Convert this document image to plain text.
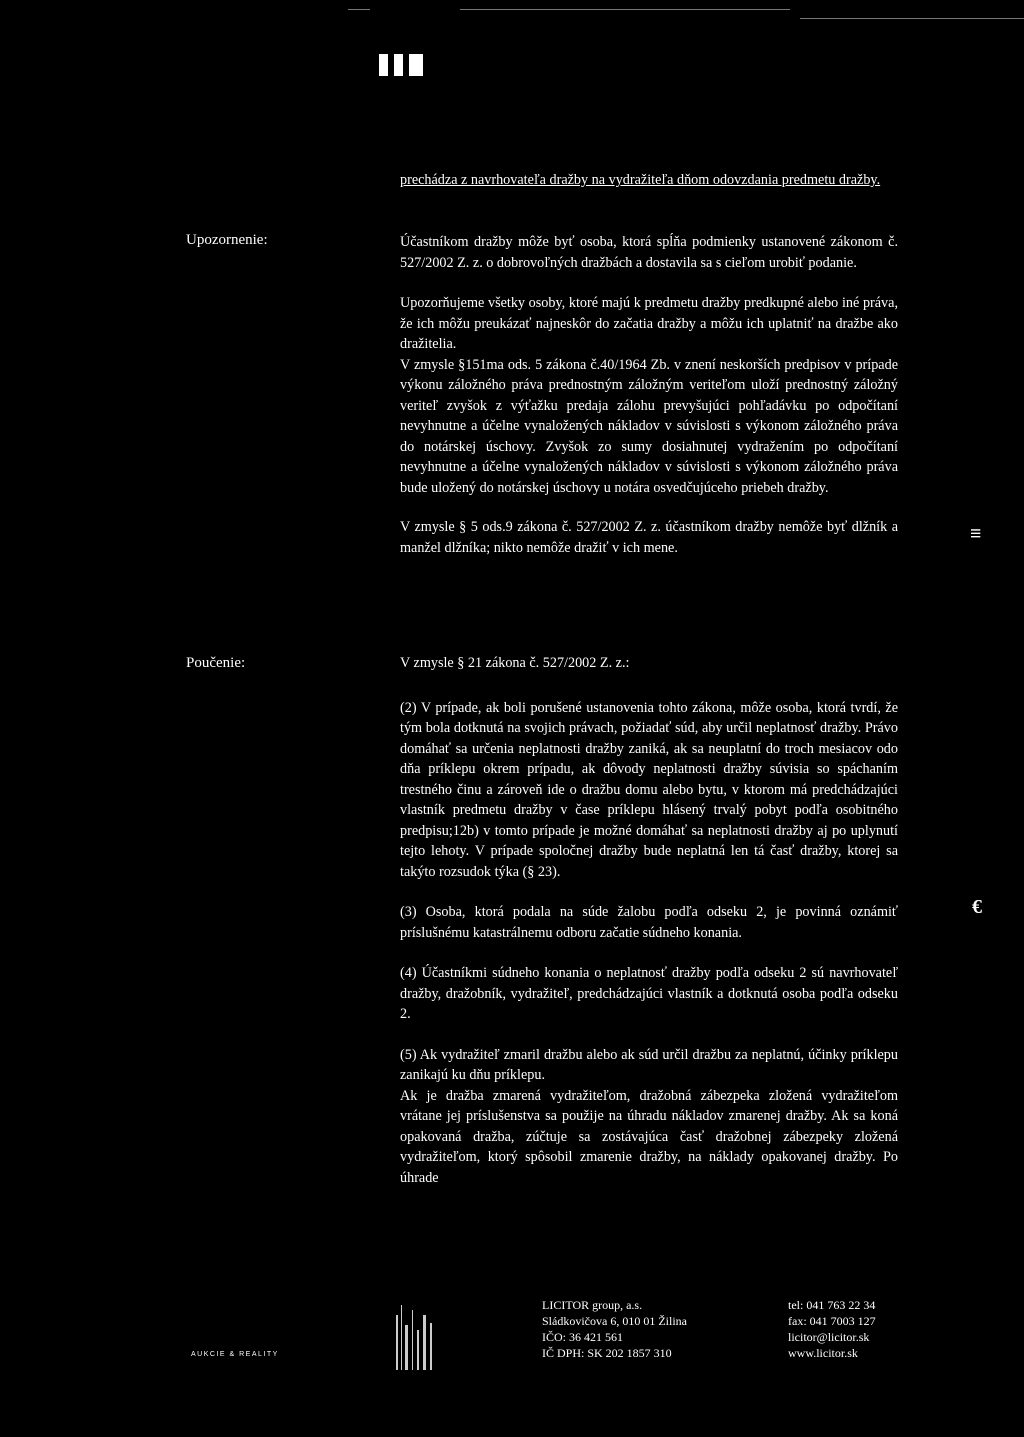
prechádza z navrhovateľa dražby na vydražiteľa dňom odovzdania predmetu dražby.

Upozornenie:	Účastníkom dražby môže byť osoba, ktorá spĺňa podmienky ustanovené zákonom č. 527/2002 Z. z. o dobrovoľných dražbách a dostavila sa s cieľom urobiť podanie.

Upozorňujeme všetky osoby, ktoré majú k predmetu dražby predkupné alebo iné práva, že ich môžu preukázať najneskôr do začatia dražby a môžu ich uplatniť na dražbe ako dražitelia.

V zmysle §151ma ods. 5 zákona č.40/1964 Zb. v znení neskorších predpisov v prípade výkonu záložného práva prednostným záložným veriteľom uloží prednostný záložný veriteľ zvyšok z výťažku predaja zálohu prevyšujúci pohľadávku po odpočítaní nevyhnutne a účelne vynaložených nákladov v súvislosti s výkonom záložného práva do notárskej úschovy. Zvyšok zo sumy dosiahnutej vydražením po odpočítaní nevyhnutne a účelne vynaložených nákladov v súvislosti s výkonom záložného práva bude uložený do notárskej úschovy u notára osvedčujúceho priebeh dražby.

V zmysle § 5 ods.9 zákona č. 527/2002 Z. z. účastníkom dražby nemôže byť dlžník a manžel dlžníka; nikto nemôže dražiť v ich mene.

Poučenie:	V zmysle § 21 zákona č. 527/2002 Z. z.:

(2) V prípade, ak boli porušené ustanovenia tohto zákona, môže osoba, ktorá tvrdí, že tým bola dotknutá na svojich právach, požiadať súd, aby určil neplatnosť dražby. Právo domáhať sa určenia neplatnosti dražby zaniká, ak sa neuplatní do troch mesiacov odo dňa príklepu okrem prípadu, ak dôvody neplatnosti dražby súvisia so spáchaním trestného činu a zároveň ide o dražbu domu alebo bytu, v ktorom má predchádzajúci vlastník predmetu dražby v čase príklepu hlásený trvalý pobyt podľa osobitného predpisu;12b) v tomto prípade je možné domáhať sa neplatnosti dražby aj po uplynutí tejto lehoty. V prípade spoločnej dražby bude neplatná len tá časť dražby, ktorej sa takýto rozsudok týka (§ 23).

(3) Osoba, ktorá podala na súde žalobu podľa odseku 2, je povinná oznámiť príslušnému katastrálnemu odboru začatie súdneho konania.

(4) Účastníkmi súdneho konania o neplatnosť dražby podľa odseku 2 sú navrhovateľ dražby, dražobník, vydražiteľ, predchádzajúci vlastník a dotknutá osoba podľa odseku 2.

(5) Ak vydražiteľ zmaril dražbu alebo ak súd určil dražbu za neplatnú, účinky príklepu zanikajú ku dňu príklepu.

Ak je dražba zmarená vydražiteľom, dražobná zábezpeka zložená vydražiteľom vrátane jej príslušenstva sa použije na úhradu nákladov zmarenej dražby. Ak sa koná opakovaná dražba, zúčtuje sa zostávajúca časť dražobnej zábezpeky zložená vydražiteľom, ktorý spôsobil zmarenie dražby, na náklady opakovanej dražby. Po úhrade

≡
€
AUKCIE & REALITY
LICITOR group, a.s.
Sládkovičova 6, 010 01 Žilina
IČO: 36 421 561
IČ DPH: SK 202 1857 310
tel: 041 763 22 34
fax: 041 7003 127
licitor@licitor.sk
www.licitor.sk
